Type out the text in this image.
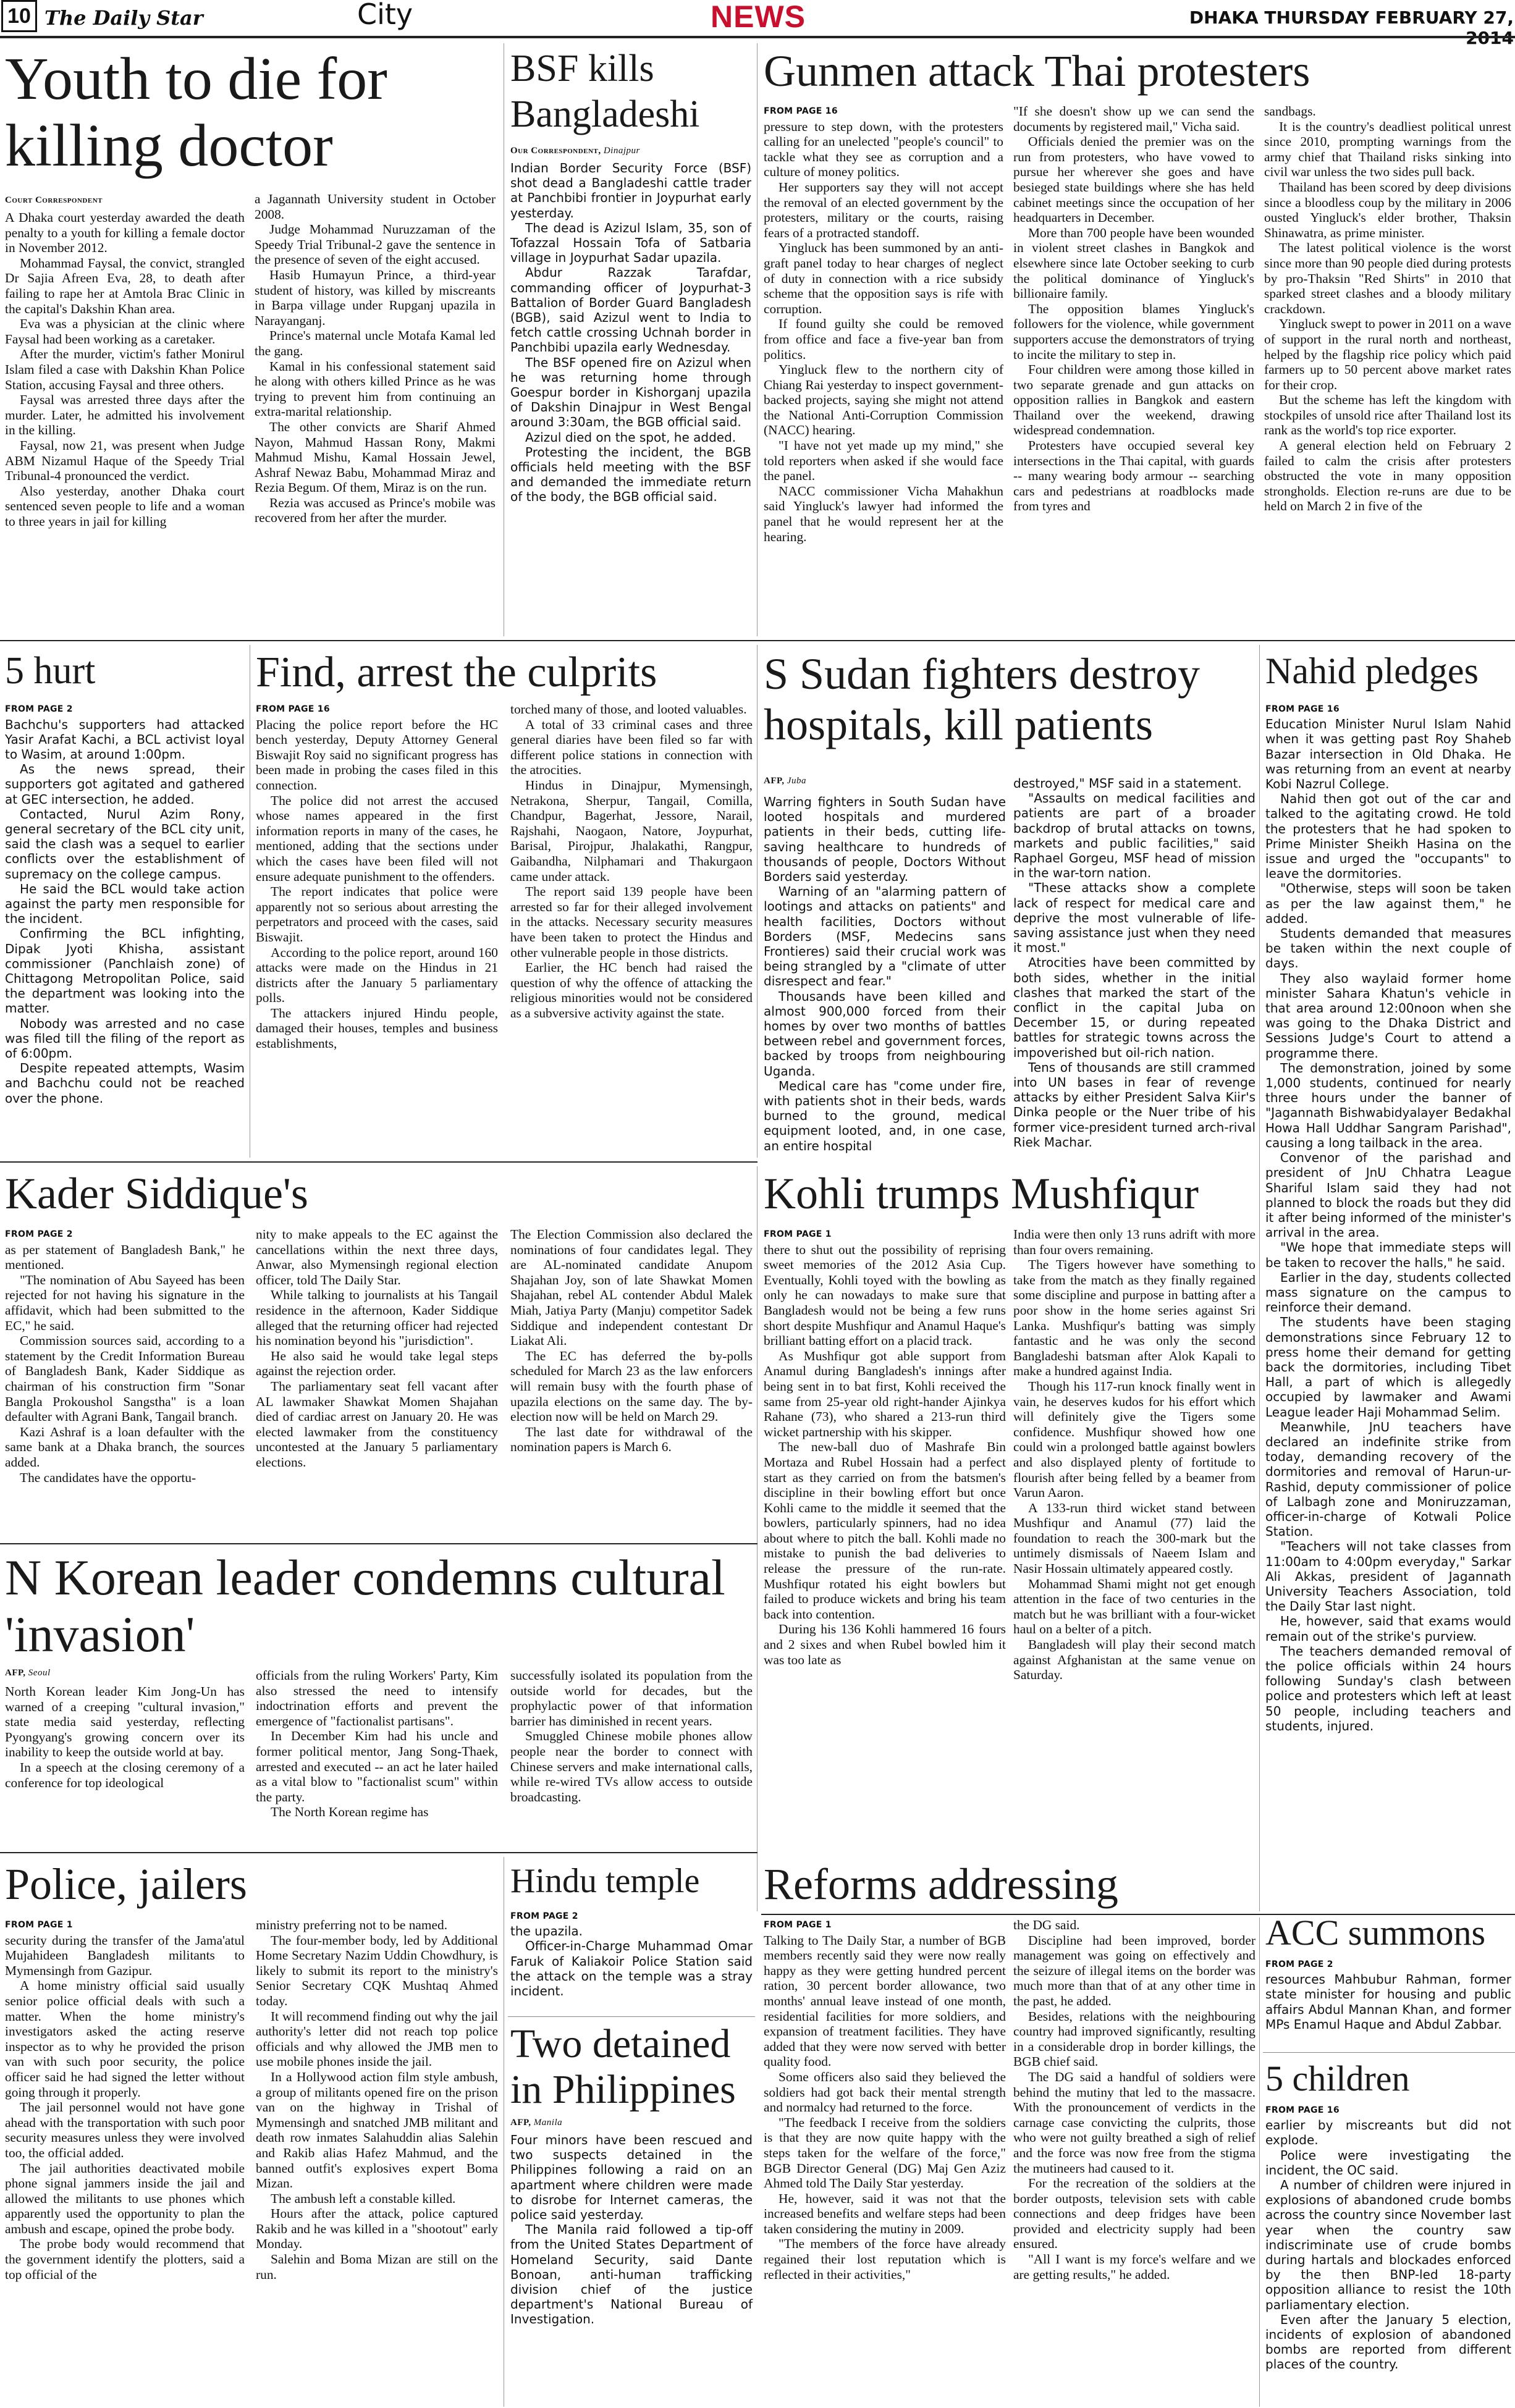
10 The Daily Star	City	NEWS	DHAKA THURSDAY FEBRUARY 27,
Youth to die for killing doctor
Court Correspondent

A Dhaka court yesterday awarded the death penalty to a youth for killing a female doctor in November 2012.

Mohammad Faysal, the convict, strangled Dr Sajia Afreen Eva, 28, to death after failing to rape her at Amtola Brac Clinic in the capital's Dakshin Khan area.

Eva was a physician at the clinic where Faysal had been working as a caretaker.

After the murder, victim's father Monirul Islam filed a case with Dakshin Khan Police Station, accusing Faysal and three others.

Faysal was arrested three days after the murder. Later, he admitted his involvement in the killing.

Faysal, now 21, was present when Judge ABM Nizamul Haque of the Speedy Trial Tribunal-4 pronounced the verdict.

Also yesterday, another Dhaka court sentenced seven people to life and a woman to three years in jail for killing

a Jagannath University student in October 2008.

Judge Mohammad Nuruzzaman of the Speedy Trial Tribunal-2 gave the sentence in the presence of seven of the eight accused.

Hasib Humayun Prince, a third-year student of history, was killed by miscreants in Barpa village under Rupganj upazila in Narayanganj.

Prince's maternal uncle Motafa Kamal led the gang.

Kamal in his confessional statement said he along with others killed Prince as he was trying to prevent him from continuing an extra-marital relationship.

The other convicts are Sharif Ahmed Nayon, Mahmud Hassan Rony, Makmi Mahmud Mishu, Kamal Hossain Jewel, Ashraf Newaz Babu, Mohammad Miraz and Rezia Begum. Of them, Miraz is on the run.

Rezia was accused as Prince's mobile was recovered from her after the murder.

BSF kills Bangladeshi
Our Correspondent, Dinajpur

Indian Border Security Force (BSF) shot dead a Bangladeshi cattle trader at Panchbibi frontier in Joypurhat early yesterday.

The dead is Azizul Islam, 35, son of Tofazzal Hossain Tofa of Satbaria village in Joypurhat Sadar upazila.

Abdur Razzak Tarafdar, commanding officer of Joypurhat-3 Battalion of Border Guard Bangladesh (BGB), said Azizul went to India to fetch cattle crossing Uchnah border in Panchbibi upazila early Wednesday.

The BSF opened fire on Azizul when he was returning home through Goespur border in Kishorganj upazila of Dakshin Dinajpur in West Bengal around 3:30am, the BGB official said.

Azizul died on the spot, he added.

Protesting the incident, the BGB officials held meeting with the BSF and demanded the immediate return of the body, the BGB official said.

Gunmen attack Thai protesters
FROM PAGE 16

pressure to step down, with the protesters calling for an unelected "people's council" to tackle what they see as corruption and a culture of money politics.

Her supporters say they will not accept the removal of an elected government by the protesters, military or the courts, raising fears of a protracted standoff.

Yingluck has been summoned by an anti-graft panel today to hear charges of neglect of duty in connection with a rice subsidy scheme that the opposition says is rife with corruption.

If found guilty she could be removed from office and face a five-year ban from politics.

Yingluck flew to the northern city of Chiang Rai yesterday to inspect government-backed projects, saying she might not attend the National Anti-Corruption Commission (NACC) hearing.

"I have not yet made up my mind," she told reporters when asked if she would face the panel.

NACC commissioner Vicha Mahakhun said Yingluck's lawyer had informed the panel that he would represent her at the hearing.

"If she doesn't show up we can send the documents by registered mail," Vicha said.

Officials denied the premier was on the run from protesters, who have vowed to pursue her wherever she goes and have besieged state buildings where she has held cabinet meetings since the occupation of her headquarters in December.

More than 700 people have been wounded in violent street clashes in Bangkok and elsewhere since late October seeking to curb the political dominance of Yingluck's billionaire family.

The opposition blames Yingluck's followers for the violence, while government supporters accuse the demonstrators of trying to incite the military to step in.

Four children were among those killed in two separate grenade and gun attacks on opposition rallies in Bangkok and eastern Thailand over the weekend, drawing widespread condemnation.

Protesters have occupied several key intersections in the Thai capital, with guards -- many wearing body armour -- searching cars and pedestrians at roadblocks made from tyres and

sandbags.

It is the country's deadliest political unrest since 2010, prompting warnings from the army chief that Thailand risks sinking into civil war unless the two sides pull back.

Thailand has been scored by deep divisions since a bloodless coup by the military in 2006 ousted Yingluck's elder brother, Thaksin Shinawatra, as prime minister.

The latest political violence is the worst since more than 90 people died during protests by pro-Thaksin "Red Shirts" in 2010 that sparked street clashes and a bloody military crackdown.

Yingluck swept to power in 2011 on a wave of support in the rural north and northeast, helped by the flagship rice policy which paid farmers up to 50 percent above market rates for their crop.

But the scheme has left the kingdom with stockpiles of unsold rice after Thailand lost its rank as the world's top rice exporter.

A general election held on February 2 failed to calm the crisis after protesters obstructed the vote in many opposition strongholds. Election re-runs are due to be held on March 2 in five of the

5 hurt
FROM PAGE 2

Bachchu's supporters had attacked Yasir Arafat Kachi, a BCL activist loyal to Wasim, at around 1:00pm.

As the news spread, their supporters got agitated and gathered at GEC intersection, he added.

Contacted, Nurul Azim Rony, general secretary of the BCL city unit, said the clash was a sequel to earlier conflicts over the establishment of supremacy on the college campus.

He said the BCL would take action against the party men responsible for the incident.

Confirming the BCL infighting, Dipak Jyoti Khisha, assistant commissioner (Panchlaish zone) of Chittagong Metropolitan Police, said the department was looking into the matter.

Nobody was arrested and no case was filed till the filing of the report as of 6:00pm.

Despite repeated attempts, Wasim and Bachchu could not be reached over the phone.

Find, arrest the culprits
FROM PAGE 16

Placing the police report before the HC bench yesterday, Deputy Attorney General Biswajit Roy said no significant progress has been made in probing the cases filed in this connection.

The police did not arrest the accused whose names appeared in the first information reports in many of the cases, he mentioned, adding that the sections under which the cases have been filed will not ensure adequate punishment to the offenders.

The report indicates that police were apparently not so serious about arresting the perpetrators and proceed with the cases, said Biswajit.

According to the police report, around 160 attacks were made on the Hindus in 21 districts after the January 5 parliamentary polls.

The attackers injured Hindu people, damaged their houses, temples and business establishments,

torched many of those, and looted valuables.

A total of 33 criminal cases and three general diaries have been filed so far with different police stations in connection with the atrocities.

Hindus in Dinajpur, Mymensingh, Netrakona, Sherpur, Tangail, Comilla, Chandpur, Bagerhat, Jessore, Narail, Rajshahi, Naogaon, Natore, Joypurhat, Barisal, Pirojpur, Jhalakathi, Rangpur, Gaibandha, Nilphamari and Thakurgaon came under attack.

The report said 139 people have been arrested so far for their alleged involvement in the attacks. Necessary security measures have been taken to protect the Hindus and other vulnerable people in those districts.

Earlier, the HC bench had raised the question of why the offence of attacking the religious minorities would not be considered as a subversive activity against the state.

S Sudan fighters destroy hospitals, kill patients
AFP, Juba

Warring fighters in South Sudan have looted hospitals and murdered patients in their beds, cutting life-saving healthcare to hundreds of thousands of people, Doctors Without Borders said yesterday.

Warning of an "alarming pattern of lootings and attacks on patients" and health facilities, Doctors without Borders (MSF, Medecins sans Frontieres) said their crucial work was being strangled by a "climate of utter disrespect and fear."

Thousands have been killed and almost 900,000 forced from their homes by over two months of battles between rebel and government forces, backed by troops from neighbouring Uganda.

Medical care has "come under fire, with patients shot in their beds, wards burned to the ground, medical equipment looted, and, in one case, an entire hospital

destroyed," MSF said in a statement.

"Assaults on medical facilities and patients are part of a broader backdrop of brutal attacks on towns, markets and public facilities," said Raphael Gorgeu, MSF head of mission in the war-torn nation.

"These attacks show a complete lack of respect for medical care and deprive the most vulnerable of life-saving assistance just when they need it most."

Atrocities have been committed by both sides, whether in the initial clashes that marked the start of the conflict in the capital Juba on December 15, or during repeated battles for strategic towns across the impoverished but oil-rich nation.

Tens of thousands are still crammed into UN bases in fear of revenge attacks by either President Salva Kiir's Dinka people or the Nuer tribe of his former vice-president turned arch-rival Riek Machar.

Nahid pledges
FROM PAGE 16

Education Minister Nurul Islam Nahid when it was getting past Roy Shaheb Bazar intersection in Old Dhaka. He was returning from an event at nearby Kobi Nazrul College.

Nahid then got out of the car and talked to the agitating crowd. He told the protesters that he had spoken to Prime Minister Sheikh Hasina on the issue and urged the "occupants" to leave the dormitories.

"Otherwise, steps will soon be taken as per the law against them," he added.

Students demanded that measures be taken within the next couple of days.

They also waylaid former home minister Sahara Khatun's vehicle in that area around 12:00noon when she was going to the Dhaka District and Sessions Judge's Court to attend a programme there.

The demonstration, joined by some 1,000 students, continued for nearly three hours under the banner of "Jagannath Bishwabidyalayer Bedakhal Howa Hall Uddhar Sangram Parishad", causing a long tailback in the area.

Convenor of the parishad and president of JnU Chhatra League Shariful Islam said they had not planned to block the roads but they did it after being informed of the minister's arrival in the area.

"We hope that immediate steps will be taken to recover the halls," he said.

Earlier in the day, students collected mass signature on the campus to reinforce their demand.

The students have been staging demonstrations since February 12 to press home their demand for getting back the dormitories, including Tibet Hall, a part of which is allegedly occupied by lawmaker and Awami League leader Haji Mohammad Selim.

Meanwhile, JnU teachers have declared an indefinite strike from today, demanding recovery of the dormitories and removal of Harun-ur-Rashid, deputy commissioner of police of Lalbagh zone and Moniruzzaman, officer-in-charge of Kotwali Police Station.

"Teachers will not take classes from 11:00am to 4:00pm everyday," Sarkar Ali Akkas, president of Jagannath University Teachers Association, told the Daily Star last night.

He, however, said that exams would remain out of the strike's purview.

The teachers demanded removal of the police officials within 24 hours following Sunday's clash between police and protesters which left at least 50 people, including teachers and students, injured.

Kader Siddique's
FROM PAGE 2

as per statement of Bangladesh Bank," he mentioned.

"The nomination of Abu Sayeed has been rejected for not having his signature in the affidavit, which had been submitted to the EC," he said.

Commission sources said, according to a statement by the Credit Information Bureau of Bangladesh Bank, Kader Siddique as chairman of his construction firm "Sonar Bangla Prokoushol Sangstha" is a loan defaulter with Agrani Bank, Tangail branch.

Kazi Ashraf is a loan defaulter with the same bank at a Dhaka branch, the sources added.

The candidates have the opportu-

nity to make appeals to the EC against the cancellations within the next three days, Anwar, also Mymensingh regional election officer, told The Daily Star.

While talking to journalists at his Tangail residence in the afternoon, Kader Siddique alleged that the returning officer had rejected his nomination beyond his "jurisdiction".

He also said he would take legal steps against the rejection order.

The parliamentary seat fell vacant after AL lawmaker Shawkat Momen Shajahan died of cardiac arrest on January 20. He was elected lawmaker from the constituency uncontested at the January 5 parliamentary elections.

The Election Commission also declared the nominations of four candidates legal. They are AL-nominated candidate Anupom Shajahan Joy, son of late Shawkat Momen Shajahan, rebel AL contender Abdul Malek Miah, Jatiya Party (Manju) competitor Sadek Siddique and independent contestant Dr Liakat Ali.

The EC has deferred the by-polls scheduled for March 23 as the law enforcers will remain busy with the fourth phase of upazila elections on the same day. The by-election now will be held on March 29.

The last date for withdrawal of the nomination papers is March 6.

Kohli trumps Mushfiqur
FROM PAGE 1

there to shut out the possibility of reprising sweet memories of the 2012 Asia Cup. Eventually, Kohli toyed with the bowling as only he can nowadays to make sure that Bangladesh would not be being a few runs short despite Mushfiqur and Anamul Haque's brilliant batting effort on a placid track.

As Mushfiqur got able support from Anamul during Bangladesh's innings after being sent in to bat first, Kohli received the same from 25-year old right-hander Ajinkya Rahane (73), who shared a 213-run third wicket partnership with his skipper.

The new-ball duo of Mashrafe Bin Mortaza and Rubel Hossain had a perfect start as they carried on from the batsmen's discipline in their bowling effort but once Kohli came to the middle it seemed that the bowlers, particularly spinners, had no idea about where to pitch the ball. Kohli made no mistake to punish the bad deliveries to release the pressure of the run-rate. Mushfiqur rotated his eight bowlers but failed to produce wickets and bring his team back into contention.

During his 136 Kohli hammered 16 fours and 2 sixes and when Rubel bowled him it was too late as

India were then only 13 runs adrift with more than four overs remaining.

The Tigers however have something to take from the match as they finally regained some discipline and purpose in batting after a poor show in the home series against Sri Lanka. Mushfiqur's batting was simply fantastic and he was only the second Bangladeshi batsman after Alok Kapali to make a hundred against India.

Though his 117-run knock finally went in vain, he deserves kudos for his effort which will definitely give the Tigers some confidence. Mushfiqur showed how one could win a prolonged battle against bowlers and also displayed plenty of fortitude to flourish after being felled by a beamer from Varun Aaron.

A 133-run third wicket stand between Mushfiqur and Anamul (77) laid the foundation to reach the 300-mark but the untimely dismissals of Naeem Islam and Nasir Hossain ultimately appeared costly.

Mohammad Shami might not get enough attention in the face of two centuries in the match but he was brilliant with a four-wicket haul on a belter of a pitch.

Bangladesh will play their second match against Afghanistan at the same venue on Saturday.

N Korean leader condemns cultural 'invasion'
AFP, Seoul

North Korean leader Kim Jong-Un has warned of a creeping "cultural invasion," state media said yesterday, reflecting Pyongyang's growing concern over its inability to keep the outside world at bay.

In a speech at the closing ceremony of a conference for top ideological

officials from the ruling Workers' Party, Kim also stressed the need to intensify indoctrination efforts and prevent the emergence of "factionalist partisans".

In December Kim had his uncle and former political mentor, Jang Song-Thaek, arrested and executed -- an act he later hailed as a vital blow to "factionalist scum" within the party.

The North Korean regime has

successfully isolated its population from the outside world for decades, but the prophylactic power of that information barrier has diminished in recent years.

Smuggled Chinese mobile phones allow people near the border to connect with Chinese servers and make international calls, while re-wired TVs allow access to outside broadcasting.

Police, jailers
FROM PAGE 1

security during the transfer of the Jama'atul Mujahideen Bangladesh militants to Mymensingh from Gazipur.

A home ministry official said usually senior police official deals with such a matter. When the home ministry's investigators asked the acting reserve inspector as to why he provided the prison van with such poor security, the police officer said he had signed the letter without going through it properly.

The jail personnel would not have gone ahead with the transportation with such poor security measures unless they were involved too, the official added.

The jail authorities deactivated mobile phone signal jammers inside the jail and allowed the militants to use phones which apparently used the opportunity to plan the ambush and escape, opined the probe body.

The probe body would recommend that the government identify the plotters, said a top official of the

ministry preferring not to be named.

The four-member body, led by Additional Home Secretary Nazim Uddin Chowdhury, is likely to submit its report to the ministry's Senior Secretary CQK Mushtaq Ahmed today.

It will recommend finding out why the jail authority's letter did not reach top police officials and why allowed the JMB men to use mobile phones inside the jail.

In a Hollywood action film style ambush, a group of militants opened fire on the prison van on the highway in Trishal of Mymensingh and snatched JMB militant and death row inmates Salahuddin alias Salehin and Rakib alias Hafez Mahmud, and the banned outfit's explosives expert Boma Mizan.

The ambush left a constable killed.

Hours after the attack, police captured Rakib and he was killed in a "shootout" early Monday.

Salehin and Boma Mizan are still on the run.

Hindu temple
FROM PAGE 2

the upazila.

Officer-in-Charge Muhammad Omar Faruk of Kaliakoir Police Station said the attack on the temple was a stray incident.

Two detained in Philippines
AFP, Manila

Four minors have been rescued and two suspects detained in the Philippines following a raid on an apartment where children were made to disrobe for Internet cameras, the police said yesterday.

The Manila raid followed a tip-off from the United States Department of Homeland Security, said Dante Bonoan, anti-human trafficking division chief of the justice department's National Bureau of Investigation.

Reforms addressing
FROM PAGE 1

Talking to The Daily Star, a number of BGB members recently said they were now really happy as they were getting hundred percent ration, 30 percent border allowance, two months' annual leave instead of one month, residential facilities for more soldiers, and expansion of treatment facilities. They have added that they were now served with better quality food.

Some officers also said they believed the soldiers had got back their mental strength and normalcy had returned to the force.

"The feedback I receive from the soldiers is that they are now quite happy with the steps taken for the welfare of the force," BGB Director General (DG) Maj Gen Aziz Ahmed told The Daily Star yesterday.

He, however, said it was not that the increased benefits and welfare steps had been taken considering the mutiny in 2009.

"The members of the force have already regained their lost reputation which is reflected in their activities,"

the DG said.

Discipline had been improved, border management was going on effectively and the seizure of illegal items on the border was much more than that of at any other time in the past, he added.

Besides, relations with the neighbouring country had improved significantly, resulting in a considerable drop in border killings, the BGB chief said.

The DG said a handful of soldiers were behind the mutiny that led to the massacre. With the pronouncement of verdicts in the carnage case convicting the culprits, those who were not guilty breathed a sigh of relief and the force was now free from the stigma the mutineers had caused to it.

For the recreation of the soldiers at the border outposts, television sets with cable connections and deep fridges have been provided and electricity supply had been ensured.

"All I want is my force's welfare and we are getting results," he added.

ACC summons
FROM PAGE 2

resources Mahbubur Rahman, former state minister for housing and public affairs Abdul Mannan Khan, and former MPs Enamul Haque and Abdul Zabbar.

5 children
FROM PAGE 16

earlier by miscreants but did not explode.

Police were investigating the incident, the OC said.

A number of children were injured in explosions of abandoned crude bombs across the country since November last year when the country saw indiscriminate use of crude bombs during hartals and blockades enforced by the then BNP-led 18-party opposition alliance to resist the 10th parliamentary election.

Even after the January 5 election, incidents of explosion of abandoned bombs are reported from different places of the country.
